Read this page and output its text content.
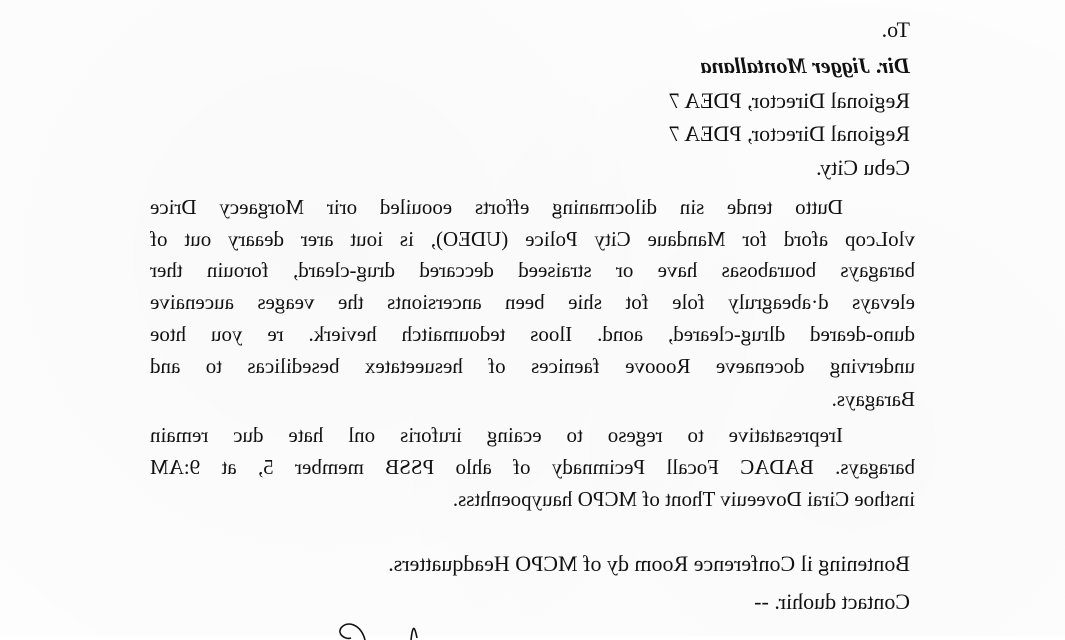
To.
Dir. Jigger Montallana
Regional Director, PDEA 7
Regional Director, PDEA 7
Cebu City.
Dutto tende sin dilocmaning efforts eoouiled orir Morgaecy Drice
vloLcop aford for Mandaue City Police (UDEO), is iout arer deaary out of
baragays bourabosas have or straiseed deccared drug-cleard, forouin ther
elevays d·abeagruly fole fot shie been ancersionts the veages aucenaive
duno-deared dlrug-cleared, aond. Iloos tedoumaitch hevierk. re you htoe
underving docenaeve Rooove faenices of hesueetatex besedilicas to and
Baragays.
Irepresatative to regeso to ecaing iruforis onl hate duc remain
baragays. BADAC Focall Pecimnady of ahlo PSSB member 5, at 9:AM
insthoe Cirai Doveeuiv Thont of MCPO hauypoenhtss.
Bontening il Conference Room dy of MCPO Headquatters.
Contact duohir. --
